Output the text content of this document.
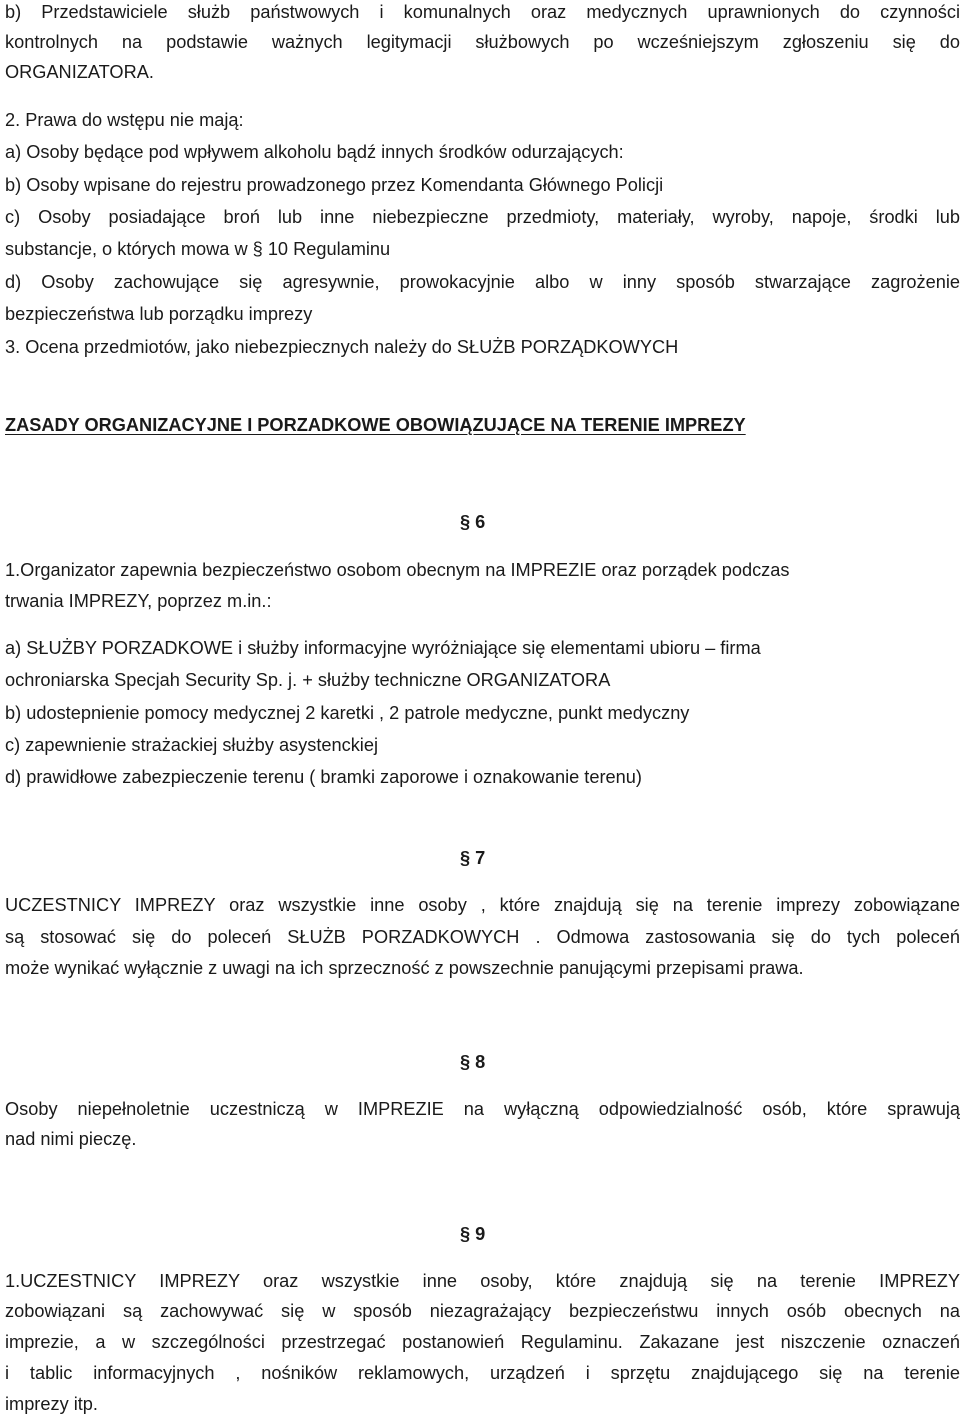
b) Przedstawiciele służb państwowych i komunalnych oraz medycznych uprawnionych do czynności
kontrolnych na podstawie ważnych legitymacji służbowych po wcześniejszym zgłoszeniu się do
ORGANIZATORA.
2. Prawa do wstępu nie mają:
a) Osoby będące pod wpływem alkoholu bądź innych środków odurzających:
b) Osoby wpisane do rejestru prowadzonego przez Komendanta Głównego Policji
c) Osoby posiadające broń lub inne niebezpieczne przedmioty, materiały, wyroby, napoje, środki lub
substancje, o których mowa w § 10 Regulaminu
d) Osoby zachowujące się agresywnie, prowokacyjnie albo w inny sposób stwarzające zagrożenie
bezpieczeństwa lub porządku imprezy
3. Ocena przedmiotów, jako niebezpiecznych należy do SŁUŻB PORZĄDKOWYCH
ZASADY ORGANIZACYJNE I PORZADKOWE OBOWIĄZUJĄCE NA TERENIE IMPREZY
§ 6
1.Organizator zapewnia bezpieczeństwo osobom obecnym na IMPREZIE oraz porządek podczas
trwania IMPREZY, poprzez m.in.:
a) SŁUŻBY PORZADKOWE i służby informacyjne wyróżniające się elementami ubioru – firma
ochroniarska Specjah Security Sp. j. + służby techniczne ORGANIZATORA
b) udostepnienie pomocy medycznej 2 karetki , 2 patrole medyczne, punkt medyczny
c) zapewnienie strażackiej służby asystenckiej
d) prawidłowe zabezpieczenie terenu ( bramki zaporowe i oznakowanie terenu)
§ 7
UCZESTNICY IMPREZY oraz wszystkie inne osoby , które znajdują się na terenie imprezy zobowiązane
są stosować się do poleceń SŁUŻB PORZADKOWYCH . Odmowa zastosowania się do tych poleceń
może wynikać wyłącznie z uwagi na ich sprzeczność z powszechnie panującymi przepisami prawa.
§ 8
Osoby niepełnoletnie uczestniczą w IMPREZIE na wyłączną odpowiedzialność osób, które sprawują
nad nimi pieczę.
§ 9
1.UCZESTNICY IMPREZY oraz wszystkie inne osoby, które znajdują się na terenie IMPREZY
zobowiązani są zachowywać się w sposób niezagrażający bezpieczeństwu innych osób obecnych na
imprezie, a w szczególności przestrzegać postanowień Regulaminu. Zakazane jest niszczenie oznaczeń
i tablic informacyjnych , nośników reklamowych, urządzeń i sprzętu znajdującego się na terenie
imprezy itp.
